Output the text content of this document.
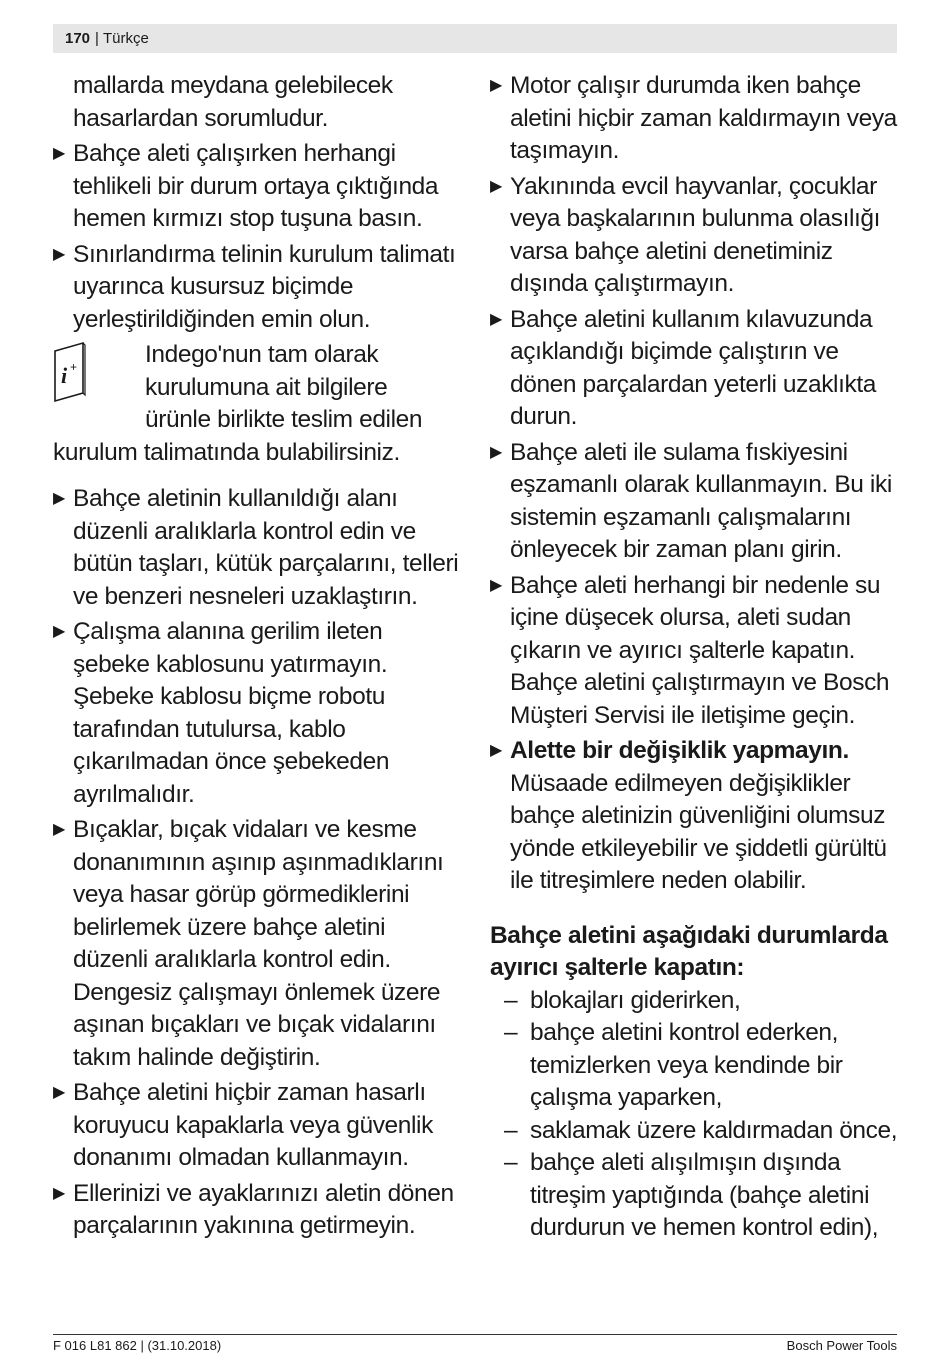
170 | Türkçe

mallarda meydana gelebilecek hasarlardan sorumludur.

▶ Bahçe aleti çalışırken herhangi tehlikeli bir durum ortaya çıktığında hemen kırmızı stop tuşuna basın.
▶ Sınırlandırma telinin kurulum talimatı uyarınca kusursuz biçimde yerleştirildiğinden emin olun.
i +	Indego'nun tam olarak

kurulumuna ait bilgilere

ürünle birlikte teslim edilen

kurulum talimatında bulabilirsiniz.

▶ Bahçe aletinin kullanıldığı alanı düzenli aralıklarla kontrol edin ve bütün taşları, kütük parçalarını, telleri ve benzeri nesneleri uzaklaştırın.
▶ Çalışma alanına gerilim ileten şebeke kablosunu yatırmayın. Şebeke kablosu biçme robotu tarafından tutulursa, kablo çıkarılmadan önce şebekeden ayrılmalıdır.
▶ Bıçaklar, bıçak vidaları ve kesme donanımının aşınıp aşınmadıklarını veya hasar görüp görmediklerini belirlemek üzere bahçe aletini düzenli aralıklarla kontrol edin. Dengesiz çalışmayı önlemek üzere aşınan bıçakları ve bıçak vidalarını takım halinde değiştirin.
▶ Bahçe aletini hiçbir zaman hasarlı koruyucu kapaklarla veya güvenlik donanımı olmadan kullanmayın.
▶ Ellerinizi ve ayaklarınızı aletin dönen parçalarının yakınına getirmeyin.
▶ Motor çalışır durumda iken bahçe aletini hiçbir zaman kaldırmayın veya taşımayın.
▶ Yakınında evcil hayvanlar, çocuklar veya başkalarının bulunma olasılığı varsa bahçe aletini denetiminiz dışında çalıştırmayın.
▶ Bahçe aletini kullanım kılavuzunda açıklandığı biçimde çalıştırın ve dönen parçalardan yeterli uzaklıkta durun.
▶ Bahçe aleti ile sulama fıskiyesini eşzamanlı olarak kullanmayın. Bu iki sistemin eşzamanlı çalışmalarını önleyecek bir zaman planı girin.
▶ Bahçe aleti herhangi bir nedenle su içine düşecek olursa, aleti sudan çıkarın ve ayırıcı şalterle kapatın. Bahçe aletini çalıştırmayın ve Bosch Müşteri Servisi ile iletişime geçin.
▶ Alette bir değişiklik yapmayın. Müsaade edilmeyen değişiklikler bahçe aletinizin güvenliğini olumsuz yönde etkileyebilir ve şiddetli gürültü ile titreşimlere neden olabilir.

Bahçe aletini aşağıdaki durumlarda ayırıcı şalterle kapatın:

– blokajları giderirken,
– bahçe aletini kontrol ederken, temizlerken veya kendinde bir çalışma yaparken,
– saklamak üzere kaldırmadan önce,
– bahçe aleti alışılmışın dışında titreşim yaptığında (bahçe aletini durdurun ve hemen kontrol edin),
F 016 L81 862 | (31.10.2018)	Bosch Power Tools
